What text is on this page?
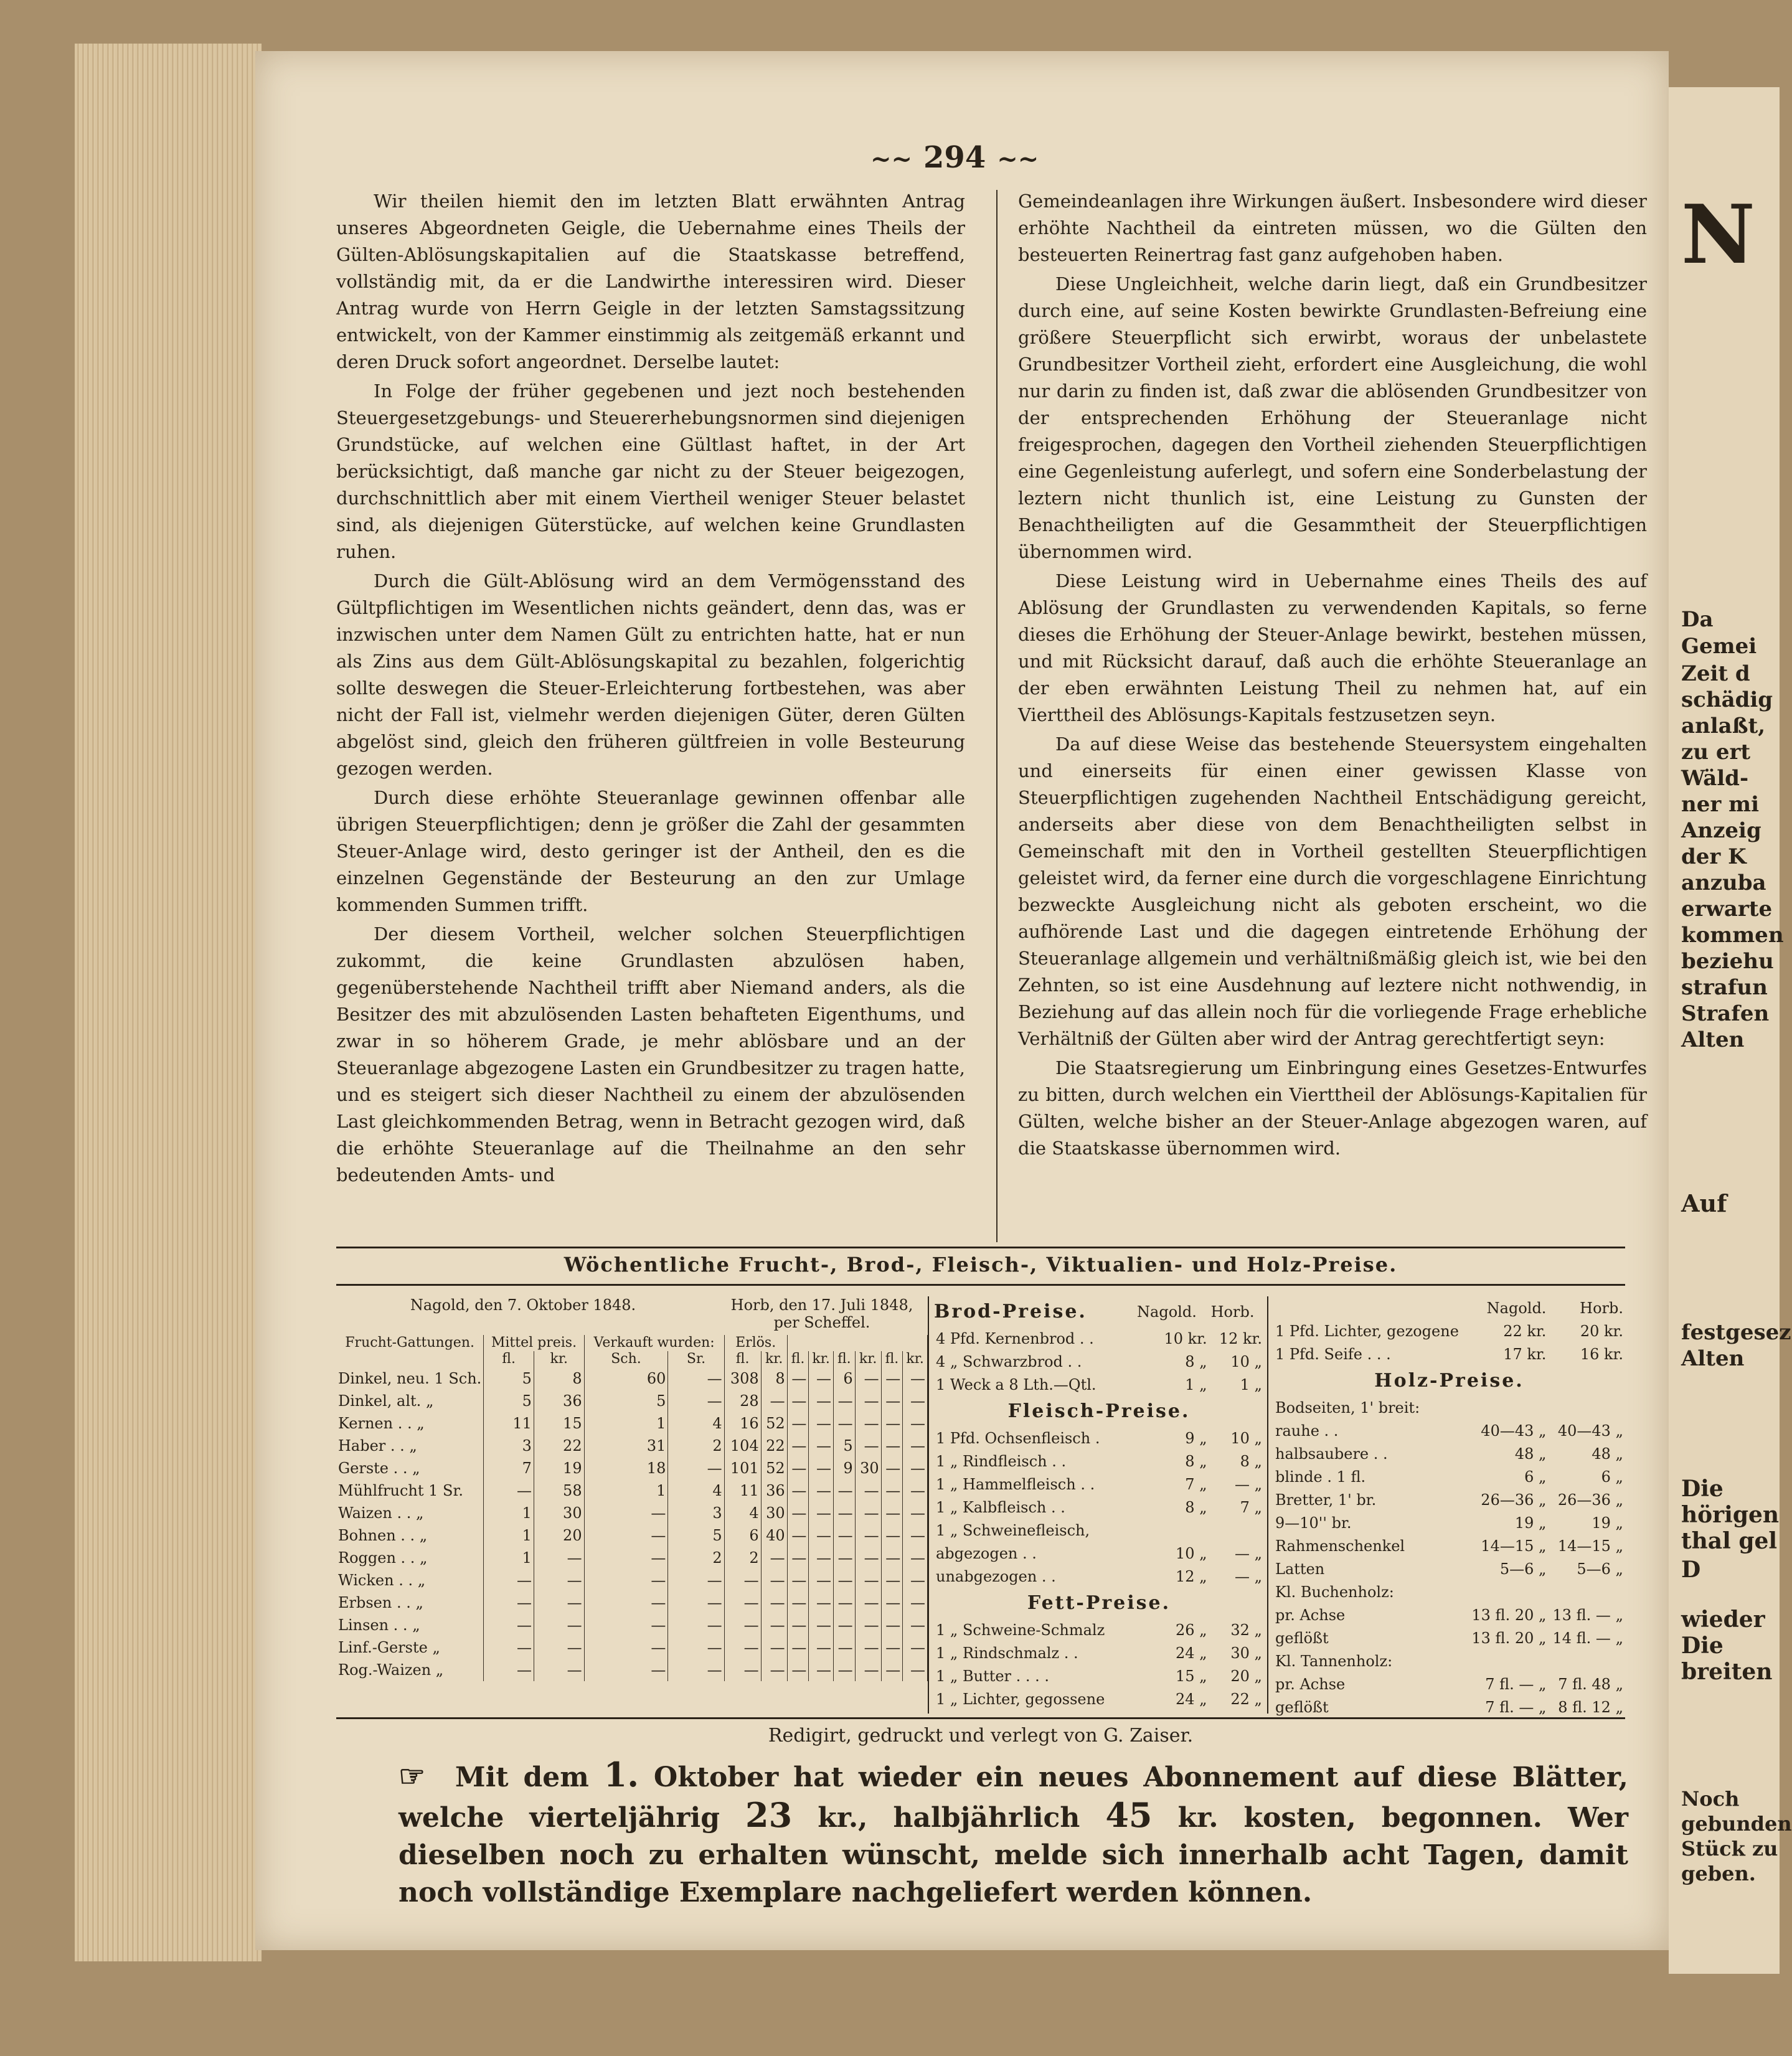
N
Da
Gemei
Zeit d
schädig
anlaßt,
zu ert
Wäld-
ner mi
Anzeig
der K
anzuba
erwarte
kommen
beziehu
strafun
Strafen
Alten
Auf
festgesez
Alten
Die
hörigen
thal gel
D
wieder
Die
breiten
Noch
gebunden
Stück zu
geben.
~~ 294 ~~

Wir theilen hiemit den im letzten Blatt erwähnten Antrag unseres Abgeordneten Geigle, die Uebernahme eines Theils der Gülten-Ablösungskapitalien auf die Staatskasse betreffend, vollständig mit, da er die Landwirthe interessiren wird. Dieser Antrag wurde von Herrn Geigle in der letzten Samstagssitzung entwickelt, von der Kammer einstimmig als zeitgemäß erkannt und deren Druck sofort angeordnet. Derselbe lautet:

In Folge der früher gegebenen und jezt noch bestehenden Steuergesetzgebungs- und Steuererhebungsnormen sind diejenigen Grundstücke, auf welchen eine Gültlast haftet, in der Art berücksichtigt, daß manche gar nicht zu der Steuer beigezogen, durchschnittlich aber mit einem Viertheil weniger Steuer belastet sind, als diejenigen Güterstücke, auf welchen keine Grundlasten ruhen.

Durch die Gült-Ablösung wird an dem Vermögensstand des Gültpflichtigen im Wesentlichen nichts geändert, denn das, was er inzwischen unter dem Namen Gült zu entrichten hatte, hat er nun als Zins aus dem Gült-Ablösungskapital zu bezahlen, folgerichtig sollte deswegen die Steuer-Erleichterung fortbestehen, was aber nicht der Fall ist, vielmehr werden diejenigen Güter, deren Gülten abgelöst sind, gleich den früheren gültfreien in volle Besteurung gezogen werden.

Durch diese erhöhte Steueranlage gewinnen offenbar alle übrigen Steuerpflichtigen; denn je größer die Zahl der gesammten Steuer-Anlage wird, desto geringer ist der Antheil, den es die einzelnen Gegenstände der Besteurung an den zur Umlage kommenden Summen trifft.

Der diesem Vortheil, welcher solchen Steuerpflichtigen zukommt, die keine Grundlasten abzulösen haben, gegenüberstehende Nachtheil trifft aber Niemand anders, als die Besitzer des mit abzulösenden Lasten behafteten Eigenthums, und zwar in so höherem Grade, je mehr ablösbare und an der Steueranlage abgezogene Lasten ein Grundbesitzer zu tragen hatte, und es steigert sich dieser Nachtheil zu einem der abzulösenden Last gleichkommenden Betrag, wenn in Betracht gezogen wird, daß die erhöhte Steueranlage auf die Theilnahme an den sehr bedeutenden Amts- und

Gemeindeanlagen ihre Wirkungen äußert. Insbesondere wird dieser erhöhte Nachtheil da eintreten müssen, wo die Gülten den besteuerten Reinertrag fast ganz aufgehoben haben.

Diese Ungleichheit, welche darin liegt, daß ein Grundbesitzer durch eine, auf seine Kosten bewirkte Grundlasten-Befreiung eine größere Steuerpflicht sich erwirbt, woraus der unbelastete Grundbesitzer Vortheil zieht, erfordert eine Ausgleichung, die wohl nur darin zu finden ist, daß zwar die ablösenden Grundbesitzer von der entsprechenden Erhöhung der Steueranlage nicht freigesprochen, dagegen den Vortheil ziehenden Steuerpflichtigen eine Gegenleistung auferlegt, und sofern eine Sonderbelastung der leztern nicht thunlich ist, eine Leistung zu Gunsten der Benachtheiligten auf die Gesammtheit der Steuerpflichtigen übernommen wird.

Diese Leistung wird in Uebernahme eines Theils des auf Ablösung der Grundlasten zu verwendenden Kapitals, so ferne dieses die Erhöhung der Steuer-Anlage bewirkt, bestehen müssen, und mit Rücksicht darauf, daß auch die erhöhte Steueranlage an der eben erwähnten Leistung Theil zu nehmen hat, auf ein Vierttheil des Ablösungs-Kapitals festzusetzen seyn.

Da auf diese Weise das bestehende Steuersystem eingehalten und einerseits für einen einer gewissen Klasse von Steuerpflichtigen zugehenden Nachtheil Entschädigung gereicht, anderseits aber diese von dem Benachtheiligten selbst in Gemeinschaft mit den in Vortheil gestellten Steuerpflichtigen geleistet wird, da ferner eine durch die vorgeschlagene Einrichtung bezweckte Ausgleichung nicht als geboten erscheint, wo die aufhörende Last und die dagegen eintretende Erhöhung der Steueranlage allgemein und verhältnißmäßig gleich ist, wie bei den Zehnten, so ist eine Ausdehnung auf leztere nicht nothwendig, in Beziehung auf das allein noch für die vorliegende Frage erhebliche Verhältniß der Gülten aber wird der Antrag gerechtfertigt seyn:

Die Staatsregierung um Einbringung eines Gesetzes-Entwurfes zu bitten, durch welchen ein Vierttheil der Ablösungs-Kapitalien für Gülten, welche bisher an der Steuer-Anlage abgezogen waren, auf die Staatskasse übernommen wird.

Wöchentliche Frucht-, Brod-, Fleisch-, Viktualien- und Holz-Preise.
Nagold, den 7. Oktober 1848.	Horb, den 17. Juli 1848, per Scheffel.
Frucht-Gattungen.	Mittel preis.		Verkauft wurden:		Erlös.							
	fl.	kr.	Sch.	Sr.	fl.	kr.	fl.	kr.	fl.	kr.	fl.	kr.
Dinkel, neu. 1 Sch.	5	8	60	—	308	8	—	—	6	—	—	—
Dinkel, alt. „	5	36	5	—	28	—	—	—	—	—	—	—
Kernen . . „	11	15	1	4	16	52	—	—	—	—	—	—
Haber . . „	3	22	31	2	104	22	—	—	5	—	—	—
Gerste . . „	7	19	18	—	101	52	—	—	9	30	—	—
Mühlfrucht 1 Sr.	—	58	1	4	11	36	—	—	—	—	—	—
Waizen . . „	1	30	—	3	4	30	—	—	—	—	—	—
Bohnen . . „	1	20	—	5	6	40	—	—	—	—	—	—
Roggen . . „	1	—	—	2	2	—	—	—	—	—	—	—
Wicken . . „	—	—	—	—	—	—	—	—	—	—	—	—
Erbsen . . „	—	—	—	—	—	—	—	—	—	—	—	—
Linsen . . „	—	—	—	—	—	—	—	—	—	—	—	—
Linf.-Gerste „	—	—	—	—	—	—	—	—	—	—	—	—
Rog.-Waizen „	—	—	—	—	—	—	—	—	—	—	—	—
Brod-Preise.	Nagold.	Horb.
4 Pfd. Kernenbrod . .	10 kr.	12 kr.
4 „ Schwarzbrod . .	8 „	10 „
1 Weck a 8 Lth.—Qtl.	1 „	1 „
Fleisch-Preise.		
1 Pfd. Ochsenfleisch .	9 „	10 „
1 „ Rindfleisch . .	8 „	8 „
1 „ Hammelfleisch . .	7 „	— „
1 „ Kalbfleisch . .	8 „	7 „
1 „ Schweinefleisch,		
abgezogen . .	10 „	— „
unabgezogen . .	12 „	— „
Fett-Preise.		
1 „ Schweine-Schmalz	26 „	32 „
1 „ Rindschmalz . .	24 „	30 „
1 „ Butter . . . .	15 „	20 „
1 „ Lichter, gegossene	24 „	22 „
	Nagold.	Horb.
1 Pfd. Lichter, gezogene	22 kr.	20 kr.
1 Pfd. Seife . . .	17 kr.	16 kr.
Holz-Preise.		
Bodseiten, 1' breit:		
rauhe . .	40—43 „	40—43 „
halbsaubere . .	48 „	48 „
blinde . 1 fl.	6 „	6 „
Bretter, 1' br.	26—36 „	26—36 „
9—10'' br.	19 „	19 „
Rahmenschenkel	14—15 „	14—15 „
Latten	5—6 „	5—6 „
Kl. Buchenholz:		
pr. Achse	13 fl. 20 „	13 fl. — „
geflößt	13 fl. 20 „	14 fl. — „
Kl. Tannenholz:		
pr. Achse	7 fl. — „	7 fl. 48 „
geflößt	7 fl. — „	8 fl. 12 „
Redigirt, gedruckt und verlegt von G. Zaiser.
☞ Mit dem 1. Oktober hat wieder ein neues Abonnement auf diese Blätter, welche vierteljährig 23 kr., halbjährlich 45 kr. kosten, begonnen. Wer dieselben noch zu erhalten wünscht, melde sich innerhalb acht Tagen, damit noch vollständige Exemplare nachgeliefert werden können.
